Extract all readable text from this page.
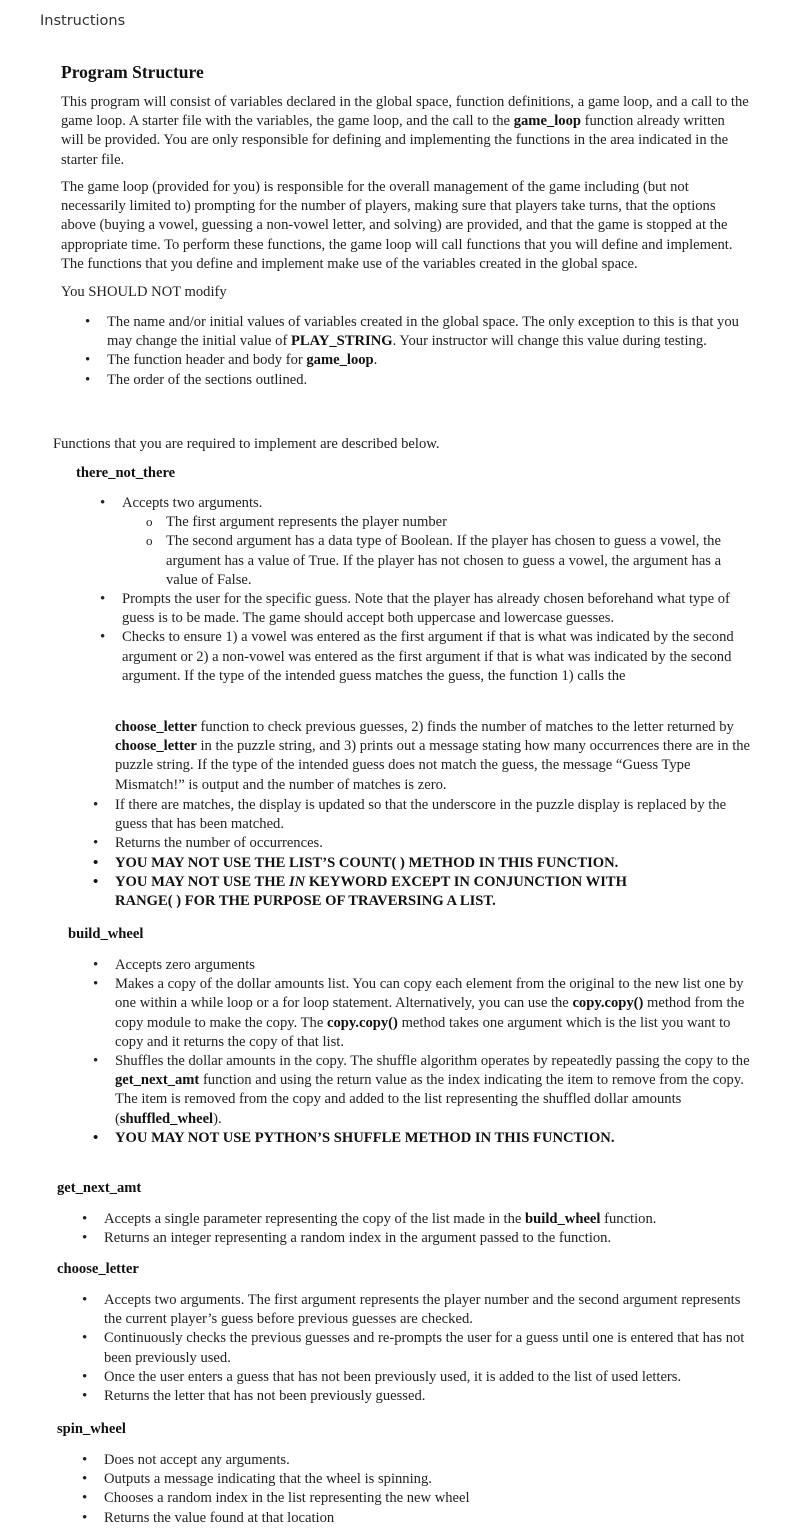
Instructions
Program Structure

This program will consist of variables declared in the global space, function definitions, a game loop, and a call to the game loop. A starter file with the variables, the game loop, and the call to the game_loop function already written will be provided. You are only responsible for defining and implementing the functions in the area indicated in the starter file.

The game loop (provided for you) is responsible for the overall management of the game including (but not necessarily limited to) prompting for the number of players, making sure that players take turns, that the options above (buying a vowel, guessing a non-vowel letter, and solving) are provided, and that the game is stopped at the appropriate time. To perform these functions, the game loop will call functions that you will define and implement. The functions that you define and implement make use of the variables created in the global space.

You SHOULD NOT modify

• The name and/or initial values of variables created in the global space. The only exception to this is that you may change the initial value of PLAY_STRING. Your instructor will change this value during testing.
• The function header and body for game_loop.
• The order of the sections outlined.

Functions that you are required to implement are described below.

there_not_there
• Accepts two arguments.
o The first argument represents the player number
o The second argument has a data type of Boolean. If the player has chosen to guess a vowel, the argument has a value of True. If the player has not chosen to guess a vowel, the argument has a value of False.
• Prompts the user for the specific guess. Note that the player has already chosen beforehand what type of guess is to be made. The game should accept both uppercase and lowercase guesses.
• Checks to ensure 1) a vowel was entered as the first argument if that is what was indicated by the second argument or 2) a non-vowel was entered as the first argument if that is what was indicated by the second argument. If the type of the intended guess matches the guess, the function 1) calls the

choose_letter function to check previous guesses, 2) finds the number of matches to the letter returned by choose_letter in the puzzle string, and 3) prints out a message stating how many occurrences there are in the puzzle string. If the type of the intended guess does not match the guess, the message “Guess Type Mismatch!” is output and the number of matches is zero.

• If there are matches, the display is updated so that the underscore in the puzzle display is replaced by the guess that has been matched.
• Returns the number of occurrences.
• YOU MAY NOT USE THE LIST’S COUNT( ) METHOD IN THIS FUNCTION.
• YOU MAY NOT USE THE IN KEYWORD EXCEPT IN CONJUNCTION WITH RANGE( ) FOR THE PURPOSE OF TRAVERSING A LIST.
build_wheel
• Accepts zero arguments
• Makes a copy of the dollar amounts list. You can copy each element from the original to the new list one by one within a while loop or a for loop statement. Alternatively, you can use the copy.copy() method from the copy module to make the copy. The copy.copy() method takes one argument which is the list you want to copy and it returns the copy of that list.
• Shuffles the dollar amounts in the copy. The shuffle algorithm operates by repeatedly passing the copy to the get_next_amt function and using the return value as the index indicating the item to remove from the copy. The item is removed from the copy and added to the list representing the shuffled dollar amounts (shuffled_wheel).
• YOU MAY NOT USE PYTHON’S SHUFFLE METHOD IN THIS FUNCTION.
get_next_amt
• Accepts a single parameter representing the copy of the list made in the build_wheel function.
• Returns an integer representing a random index in the argument passed to the function.
choose_letter
• Accepts two arguments. The first argument represents the player number and the second argument represents the current player’s guess before previous guesses are checked.
• Continuously checks the previous guesses and re-prompts the user for a guess until one is entered that has not been previously used.
• Once the user enters a guess that has not been previously used, it is added to the list of used letters.
• Returns the letter that has not been previously guessed.
spin_wheel
• Does not accept any arguments.
• Outputs a message indicating that the wheel is spinning.
• Chooses a random index in the list representing the new wheel
• Returns the value found at that location
